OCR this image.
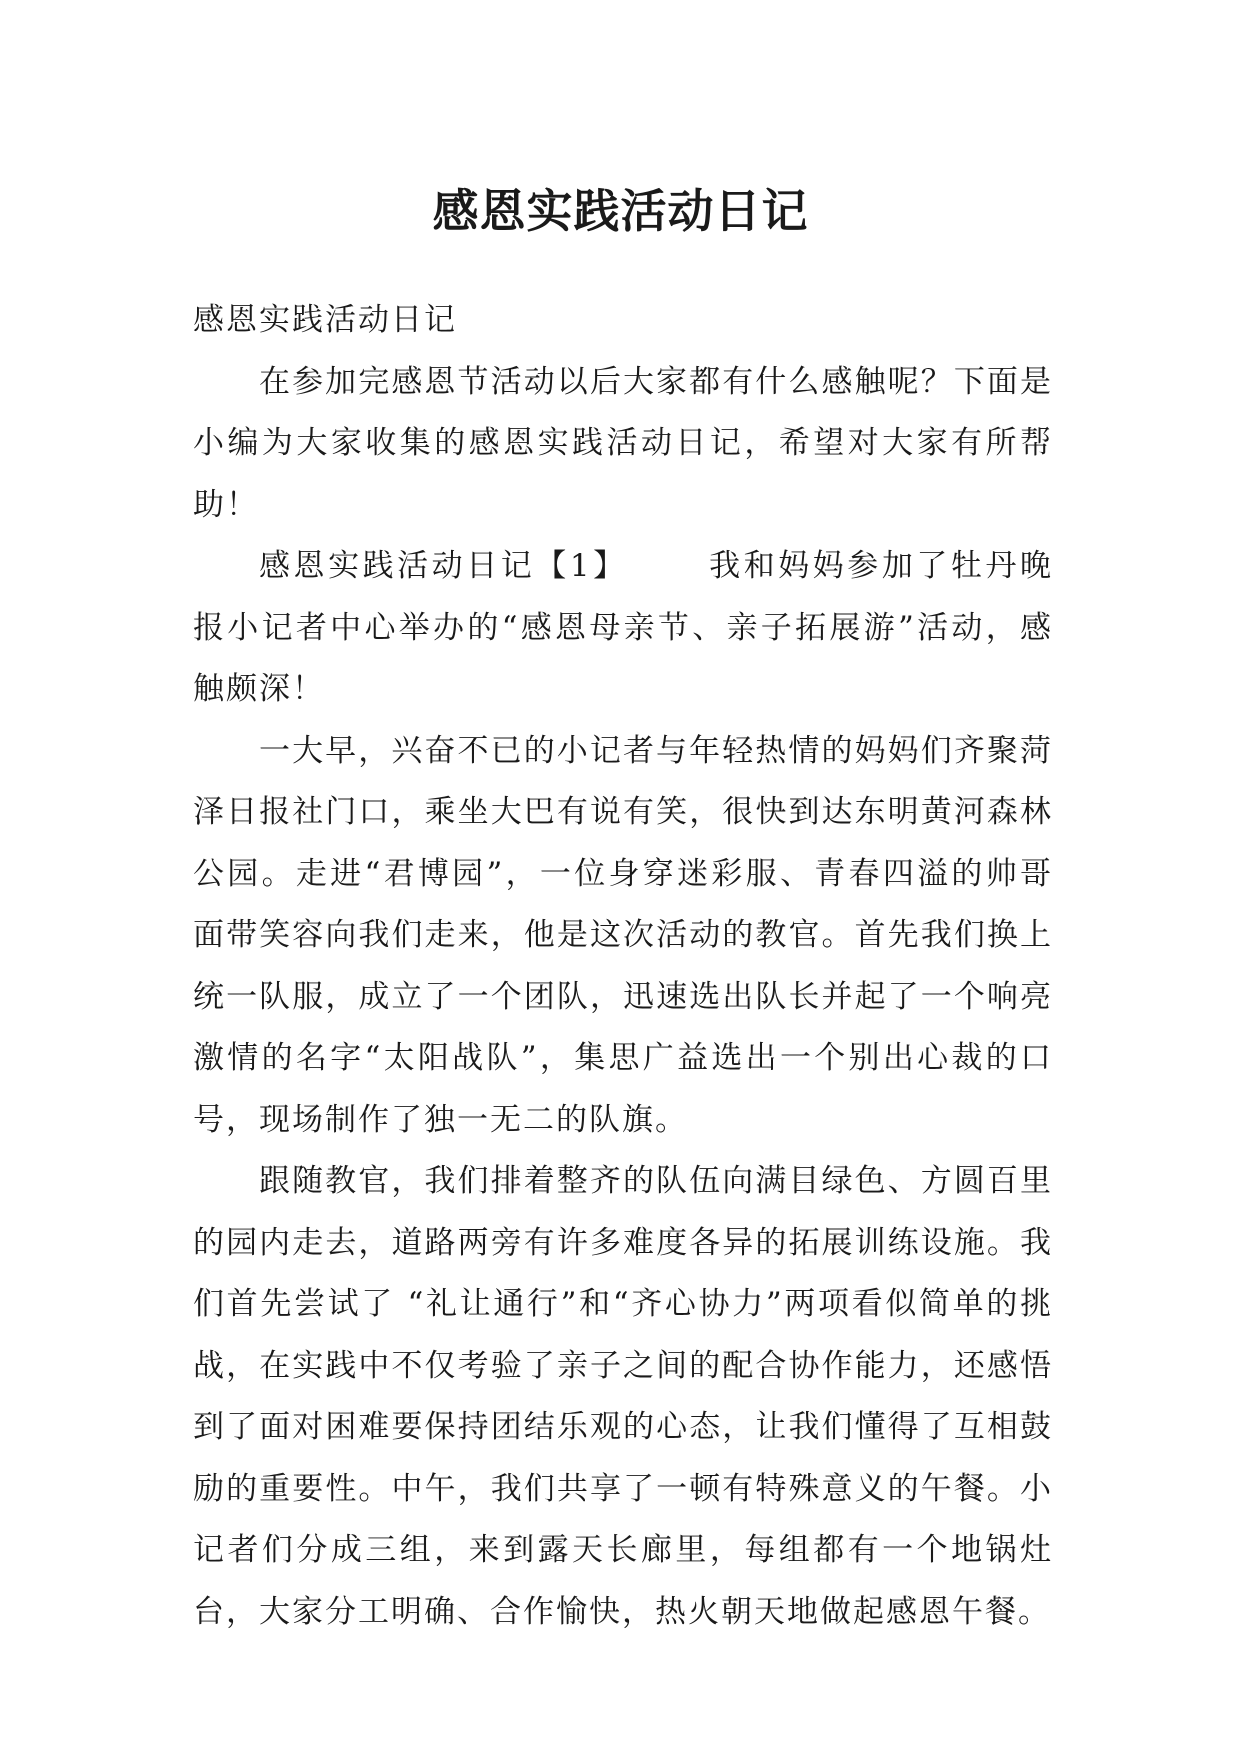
感恩实践活动日记

感恩实践活动日记

在参加完感恩节活动以后大家都有什么感触呢？下面是小编为大家收集的感恩实践活动日记，希望对大家有所帮助！

感恩实践活动日记【1】	我和妈妈参加了牡丹晚报小记者中心举办的“感恩母亲节、亲子拓展游”活动，感触颇深！

一大早，兴奋不已的小记者与年轻热情的妈妈们齐聚菏泽日报社门口，乘坐大巴有说有笑，很快到达东明黄河森林公园。走进“君博园”，一位身穿迷彩服、青春四溢的帅哥面带笑容向我们走来，他是这次活动的教官。首先我们换上统一队服，成立了一个团队，迅速选出队长并起了一个响亮激情的名字“太阳战队”，集思广益选出一个别出心裁的口号，现场制作了独一无二的队旗。

跟随教官，我们排着整齐的队伍向满目绿色、方圆百里的园内走去，道路两旁有许多难度各异的拓展训练设施。我们首先尝试了 “礼让通行”和“齐心协力”两项看似简单的挑战，在实践中不仅考验了亲子之间的配合协作能力，还感悟到了面对困难要保持团结乐观的心态，让我们懂得了互相鼓励的重要性。中午，我们共享了一顿有特殊意义的午餐。小记者们分成三组，来到露天长廊里，每组都有一个地锅灶台，大家分工明确、合作愉快，热火朝天地做起感恩午餐。
